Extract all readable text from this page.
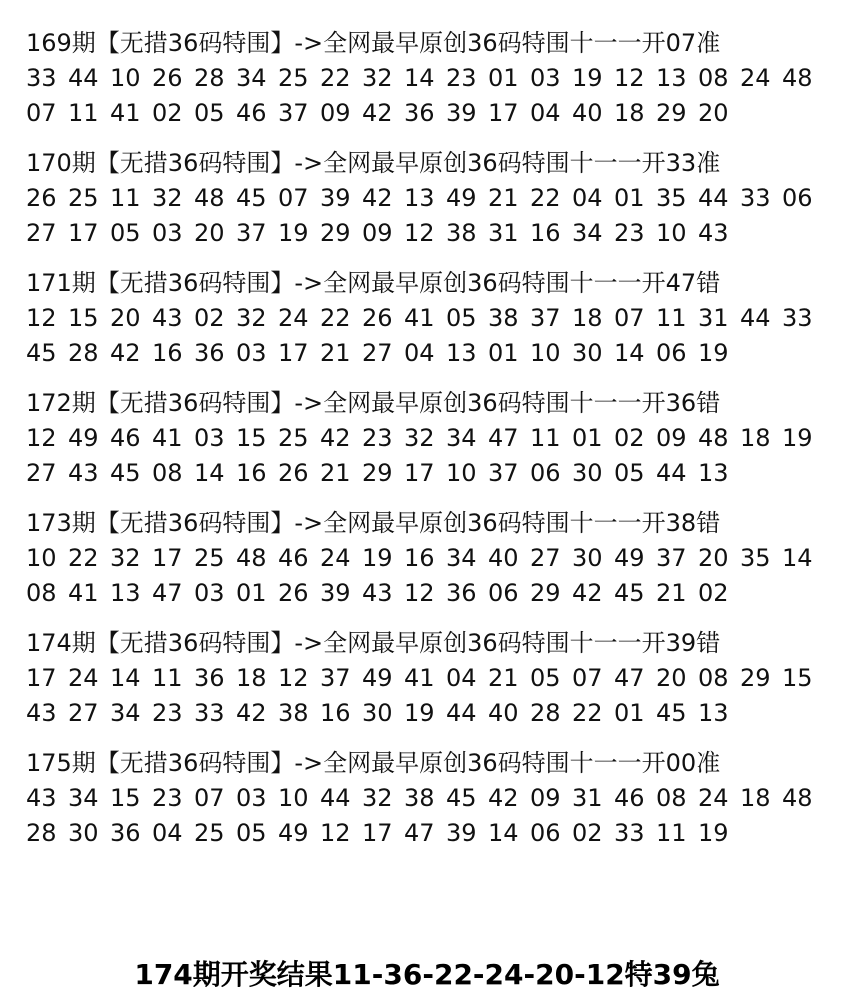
169期【无措36码特围】->全网最早原创36码特围十一一开07准
33 44 10 26 28 34 25 22 32 14 23 01 03 19 12 13 08 24 48
07 11 41 02 05 46 37 09 42 36 39 17 04 40 18 29 20
170期【无措36码特围】->全网最早原创36码特围十一一开33准
26 25 11 32 48 45 07 39 42 13 49 21 22 04 01 35 44 33 06
27 17 05 03 20 37 19 29 09 12 38 31 16 34 23 10 43
171期【无措36码特围】->全网最早原创36码特围十一一开47错
12 15 20 43 02 32 24 22 26 41 05 38 37 18 07 11 31 44 33
45 28 42 16 36 03 17 21 27 04 13 01 10 30 14 06 19
172期【无措36码特围】->全网最早原创36码特围十一一开36错
12 49 46 41 03 15 25 42 23 32 34 47 11 01 02 09 48 18 19
27 43 45 08 14 16 26 21 29 17 10 37 06 30 05 44 13
173期【无措36码特围】->全网最早原创36码特围十一一开38错
10 22 32 17 25 48 46 24 19 16 34 40 27 30 49 37 20 35 14
08 41 13 47 03 01 26 39 43 12 36 06 29 42 45 21 02
174期【无措36码特围】->全网最早原创36码特围十一一开39错
17 24 14 11 36 18 12 37 49 41 04 21 05 07 47 20 08 29 15
43 27 34 23 33 42 38 16 30 19 44 40 28 22 01 45 13
175期【无措36码特围】->全网最早原创36码特围十一一开00准
43 34 15 23 07 03 10 44 32 38 45 42 09 31 46 08 24 18 48
28 30 36 04 25 05 49 12 17 47 39 14 06 02 33 11 19
174期开奖结果11-36-22-24-20-12特39兔
